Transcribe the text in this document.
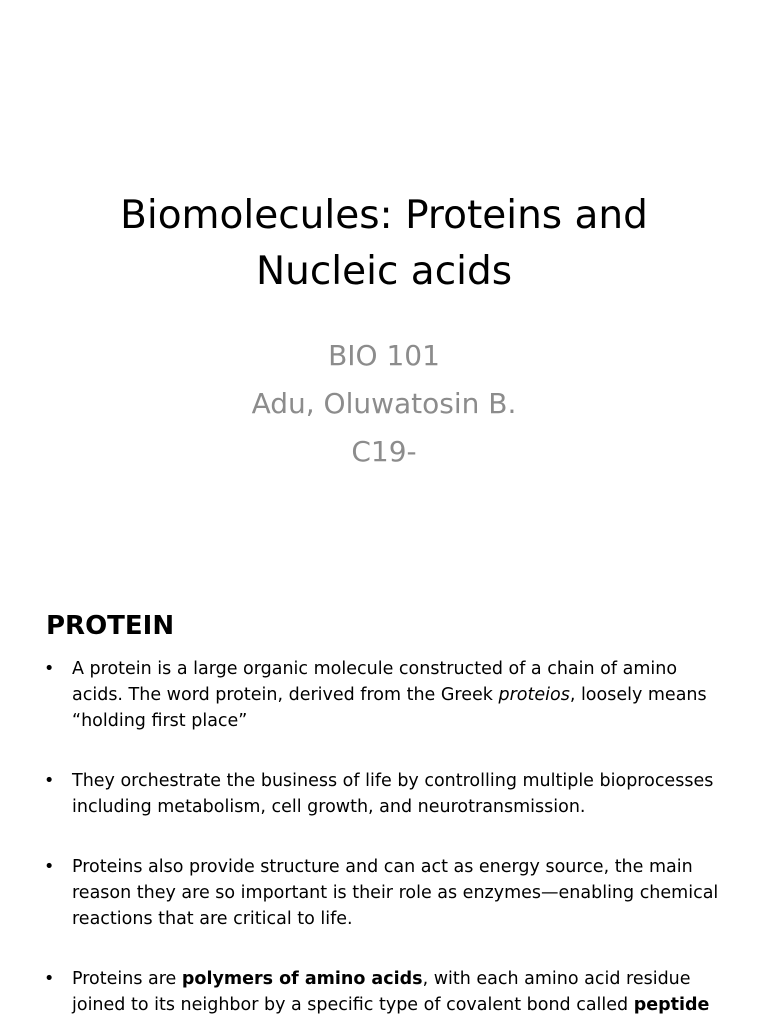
Biomolecules: Proteins and
Nucleic acids
BIO 101
Adu, Oluwatosin B.
C19-
PROTEIN
• A protein is a large organic molecule constructed of a chain of amino acids. The word protein, derived from the Greek proteios, loosely means “holding first place”
• They orchestrate the business of life by controlling multiple bioprocesses including metabolism, cell growth, and neurotransmission.
• Proteins also provide structure and can act as energy source, the main reason they are so important is their role as enzymes—enabling chemical reactions that are critical to life.
• Proteins are polymers of amino acids, with each amino acid residue joined to its neighbor by a specific type of covalent bond called peptide
